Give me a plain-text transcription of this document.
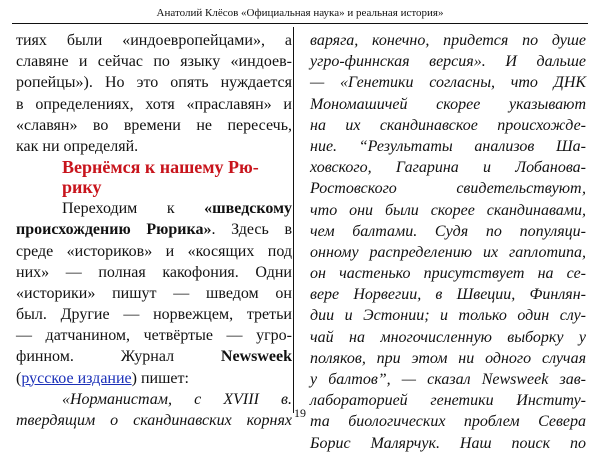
Анатолий Клёсов «Официальная наука» и реальная история»
тиях были «индоевропейцами», а
славяне и сейчас по языку «индоев-
ропейцы»). Но это опять нуждается
в определениях, хотя «праславян» и
«славян» во времени не пересечь,
как ни определяй.
Вернёмся к нашему Рю-
рику
Переходим к «шведскому
происхождению Рюрика». Здесь в
среде «историков» и «косящих под
них» — полная какофония. Одни
«историки» пишут — шведом он
был. Другие — норвежцем, третьи
— датчанином, четвёртые — угро-
финном.	Журнал	Newsweek
(русское издание) пишет:
«Норманистам, с XVIII в.
твердящим о скандинавских корнях
варяга, конечно, придется по душе
угро-финнская версия». И дальше
— «Генетики согласны, что ДНК
Мономашичей скорее указывают
на их скандинавское происхожде-
ние. “Результаты анализов Ша-
ховского, Гагарина и Лобанова-
Ростовского свидетельствуют,
что они были скорее скандинавами,
чем балтами. Судя по популяци-
онному распределению их гаплотипа,
он частенько присутствует на се-
вере Норвегии, в Швеции, Финлян-
дии и Эстонии; и только один слу-
чай на многочисленную выборку у
поляков, при этом ни одного случая
у балтов”, — сказал Newsweek зав-
лабораторией генетики Институ-
та биологических проблем Севера
Борис Малярчук. Наш поиск по
19
